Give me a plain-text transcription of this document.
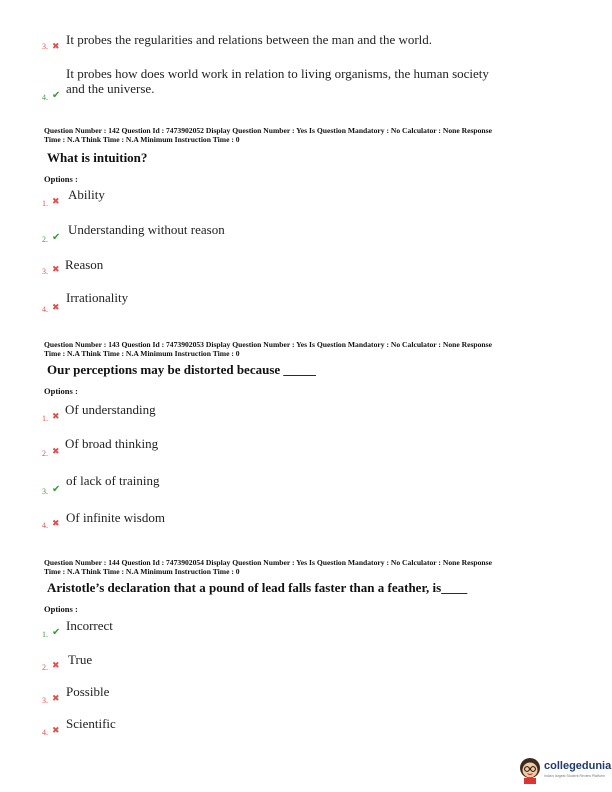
3. ✖ It probes the regularities and relations between the man and the world.
4. ✔
It probes how does world work in relation to living organisms, the human society
and the universe.
Question Number : 142 Question Id : 7473902052 Display Question Number : Yes Is Question Mandatory : No Calculator : None Response
Time : N.A Think Time : N.A Minimum Instruction Time : 0
What is intuition?
Options :
1. ✖ Ability
2. ✔
Understanding without reason
3. ✖ Reason
4. ✖
Irrationality
Question Number : 143 Question Id : 7473902053 Display Question Number : Yes Is Question Mandatory : No Calculator : None Response
Time : N.A Think Time : N.A Minimum Instruction Time : 0
Our perceptions may be distorted because _____
Options :
1. ✖ Of understanding
2. ✖ Of broad thinking
3. ✔
of lack of training
4. ✖ Of infinite wisdom
Question Number : 144 Question Id : 7473902054 Display Question Number : Yes Is Question Mandatory : No Calculator : None Response
Time : N.A Think Time : N.A Minimum Instruction Time : 0
Aristotle’s declaration that a pound of lead falls faster than a feather, is____
Options :
1. ✔ Incorrect
2. ✖ True
3. ✖ Possible
4. ✖ Scientific
collegedunia
India's largest Student Review Platform
